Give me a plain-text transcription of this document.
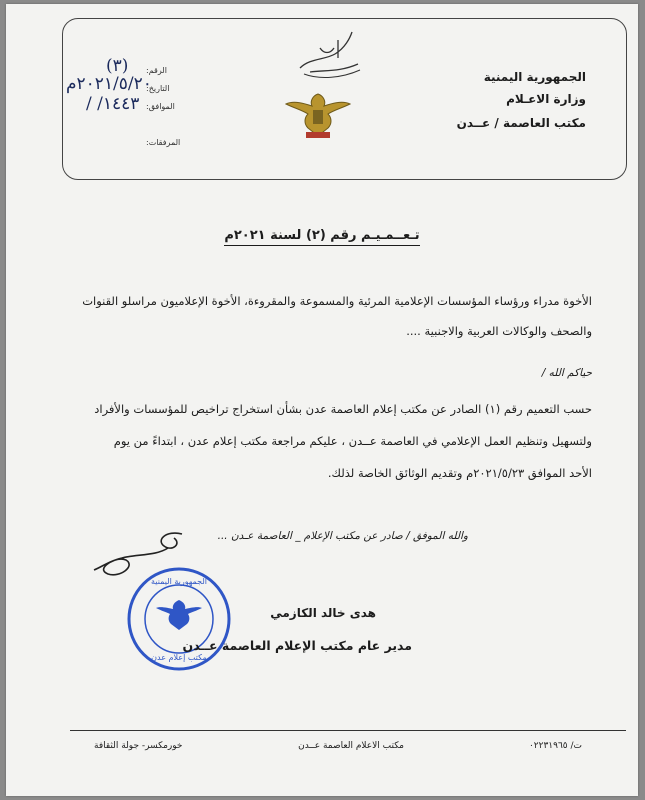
الجمهورية اليمنية
وزارة الاعـلام
مكتب العاصمة / عــدن
الرقم:
التاريخ:
الموافق:
المرفقات:
(٣)
٢٠٢١/٥/٢٠م
١٤٤٣/ /
تـعــمـيـم رقم (٢) لسنة ٢٠٢١م
الأخوة مدراء ورؤساء المؤسسات الإعلامية المرئية والمسموعة والمقروءة، الأخوة الإعلاميون مراسلو القنوات
والصحف والوكالات العربية والاجنبية ....
حياكم الله /
حسب التعميم رقم (١) الصادر عن مكتب إعلام العاصمة عدن بشأن استخراج تراخيص للمؤسسات والأفراد
ولتسهيل وتنظيم العمل الإعلامي في العاصمة عــدن ، عليكم مراجعة مكتب إعلام عدن ، ابتداءً من يوم
الأحد الموافق ٢٠٢١/٥/٢٣م وتقديم الوثائق الخاصة لذلك.
والله الموفق / صادر عن مكتب الإعلام _ العاصمة عـدن ...
الجمهورية اليمنية
مكتب إعلام عدن
هدى خالد الكازمي
مدير عام مكتب الإعلام العاصمة عــدن
ت/ ٠٢٢٣١٩٦٥
مكتب الاعلام العاصمة عــدن
خورمكسر- جولة الثقافة
